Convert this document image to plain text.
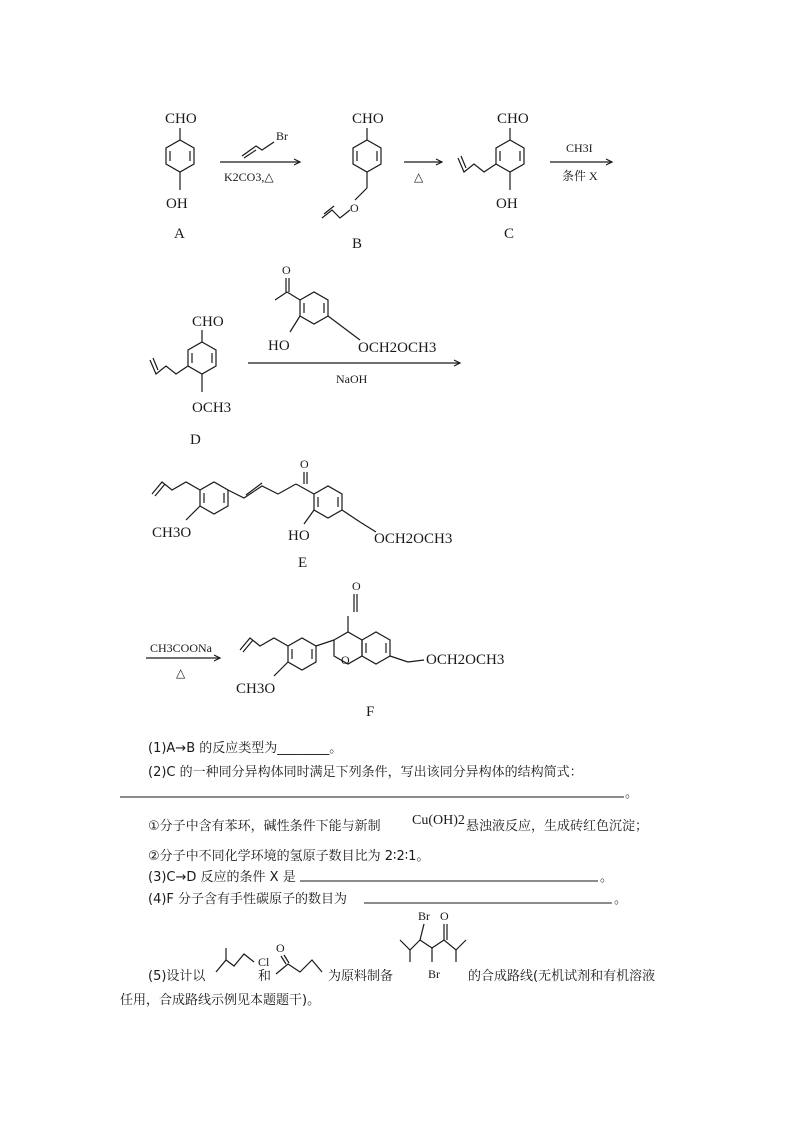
CHO
OH
A
Br
K2CO3,△
CHO
O
B
△
CHO
OH
C
CH3I
条件 X
CHO
OCH3
D
O
HO	OCH2OCH3
NaOH
CH3O
O
HO	OCH2OCH3
E
CH3COONa
△
CH3O
O
O
OCH2OCH3
F
Cl
O
Br O
Br
(1)A→B 的反应类型为________。
(2)C 的一种同分异构体同时满足下列条件，写出该同分异构体的结构简式：
。
①分子中含有苯环，碱性条件下能与新制 Cu(OH)2 悬浊液反应，生成砖红色沉淀；
②分子中不同化学环境的氢原子数目比为 2∶2∶1。
(3)C→D 反应的条件 X 是	。
(4)F 分子含有手性碳原子的数目为	。
(5)设计以	和	为原料制备	的合成路线(无机试剂和有机溶液
任用，合成路线示例见本题题干)。
